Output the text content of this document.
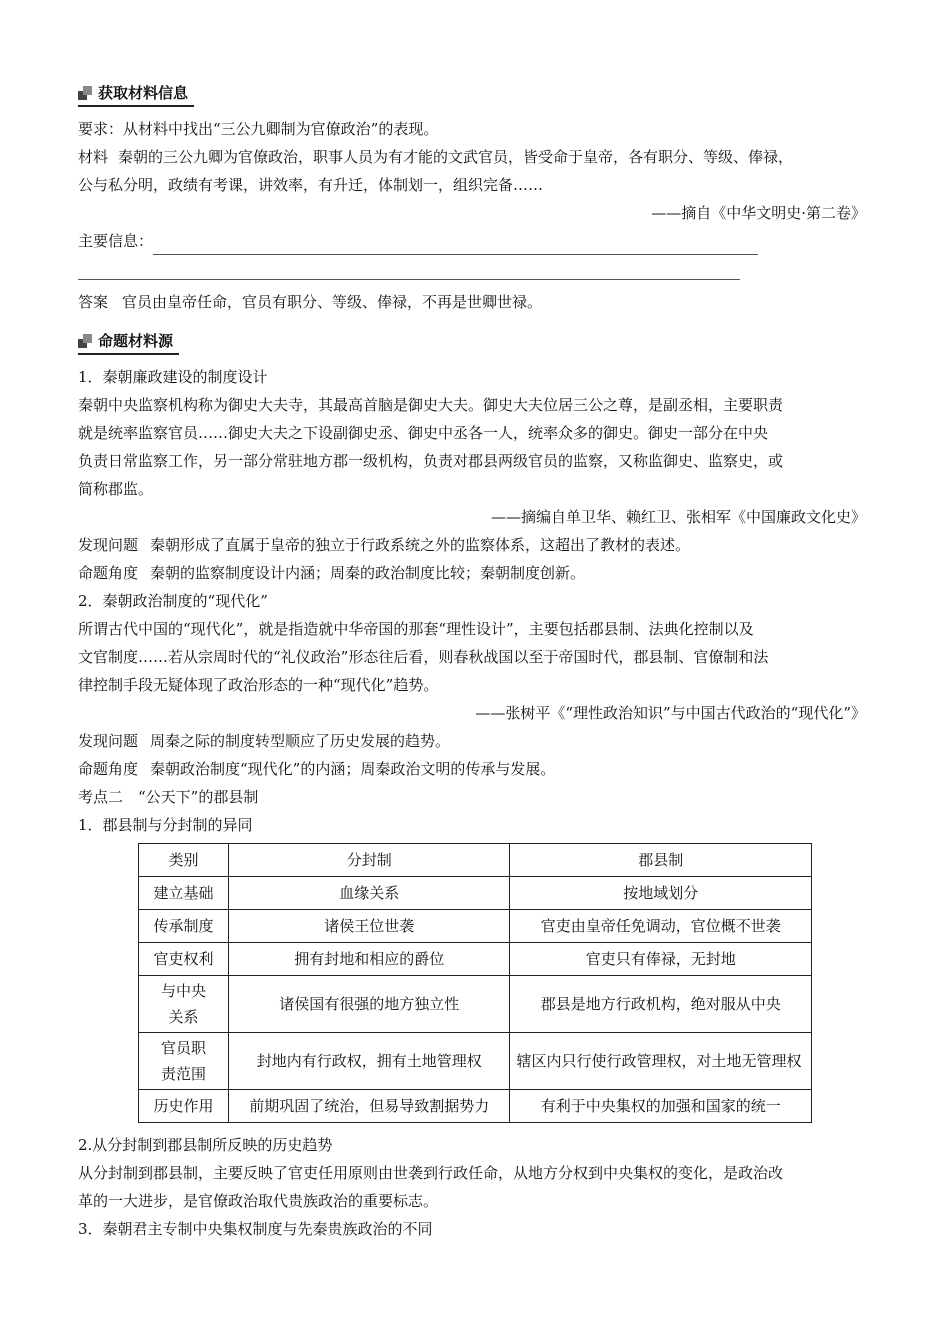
获取材料信息
要求：从材料中找出“三公九卿制为官僚政治”的表现。
材料 秦朝的三公九卿为官僚政治，职事人员为有才能的文武官员，皆受命于皇帝，各有职分、等级、俸禄，
公与私分明，政绩有考课，讲效率，有升迁，体制划一，组织完备……
——摘自《中华文明史·第二卷》
主要信息：
答案 官员由皇帝任命，官员有职分、等级、俸禄，不再是世卿世禄。
命题材料源
1．秦朝廉政建设的制度设计
秦朝中央监察机构称为御史大夫寺，其最高首脑是御史大夫。御史大夫位居三公之尊，是副丞相，主要职责
就是统率监察官员……御史大夫之下设副御史丞、御史中丞各一人，统率众多的御史。御史一部分在中央
负责日常监察工作，另一部分常驻地方郡一级机构，负责对郡县两级官员的监察，又称监御史、监察史，或
简称郡监。
——摘编自单卫华、赖红卫、张相军《中国廉政文化史》
发现问题 秦朝形成了直属于皇帝的独立于行政系统之外的监察体系，这超出了教材的表述。
命题角度 秦朝的监察制度设计内涵；周秦的政治制度比较；秦朝制度创新。
2．秦朝政治制度的“现代化”
所谓古代中国的“现代化”，就是指造就中华帝国的那套“理性设计”，主要包括郡县制、法典化控制以及
文官制度……若从宗周时代的“礼仪政治”形态往后看，则春秋战国以至于帝国时代，郡县制、官僚制和法
律控制手段无疑体现了政治形态的一种“现代化”趋势。
——张树平《“理性政治知识”与中国古代政治的“现代化”》
发现问题 周秦之际的制度转型顺应了历史发展的趋势。
命题角度 秦朝政治制度“现代化”的内涵；周秦政治文明的传承与发展。
考点二　“公天下”的郡县制
1．郡县制与分封制的异同
类别	分封制	郡县制
建立基础	血缘关系	按地域划分
传承制度	诸侯王位世袭	官吏由皇帝任免调动，官位概不世袭
官吏权利	拥有封地和相应的爵位	官吏只有俸禄，无封地
与中央关系	诸侯国有很强的地方独立性	郡县是地方行政机构，绝对服从中央
官员职责范围	封地内有行政权，拥有土地管理权	辖区内只行使行政管理权，对土地无管理权
历史作用	前期巩固了统治，但易导致割据势力	有利于中央集权的加强和国家的统一
2.从分封制到郡县制所反映的历史趋势
从分封制到郡县制，主要反映了官吏任用原则由世袭到行政任命，从地方分权到中央集权的变化，是政治改
革的一大进步，是官僚政治取代贵族政治的重要标志。
3．秦朝君主专制中央集权制度与先秦贵族政治的不同
